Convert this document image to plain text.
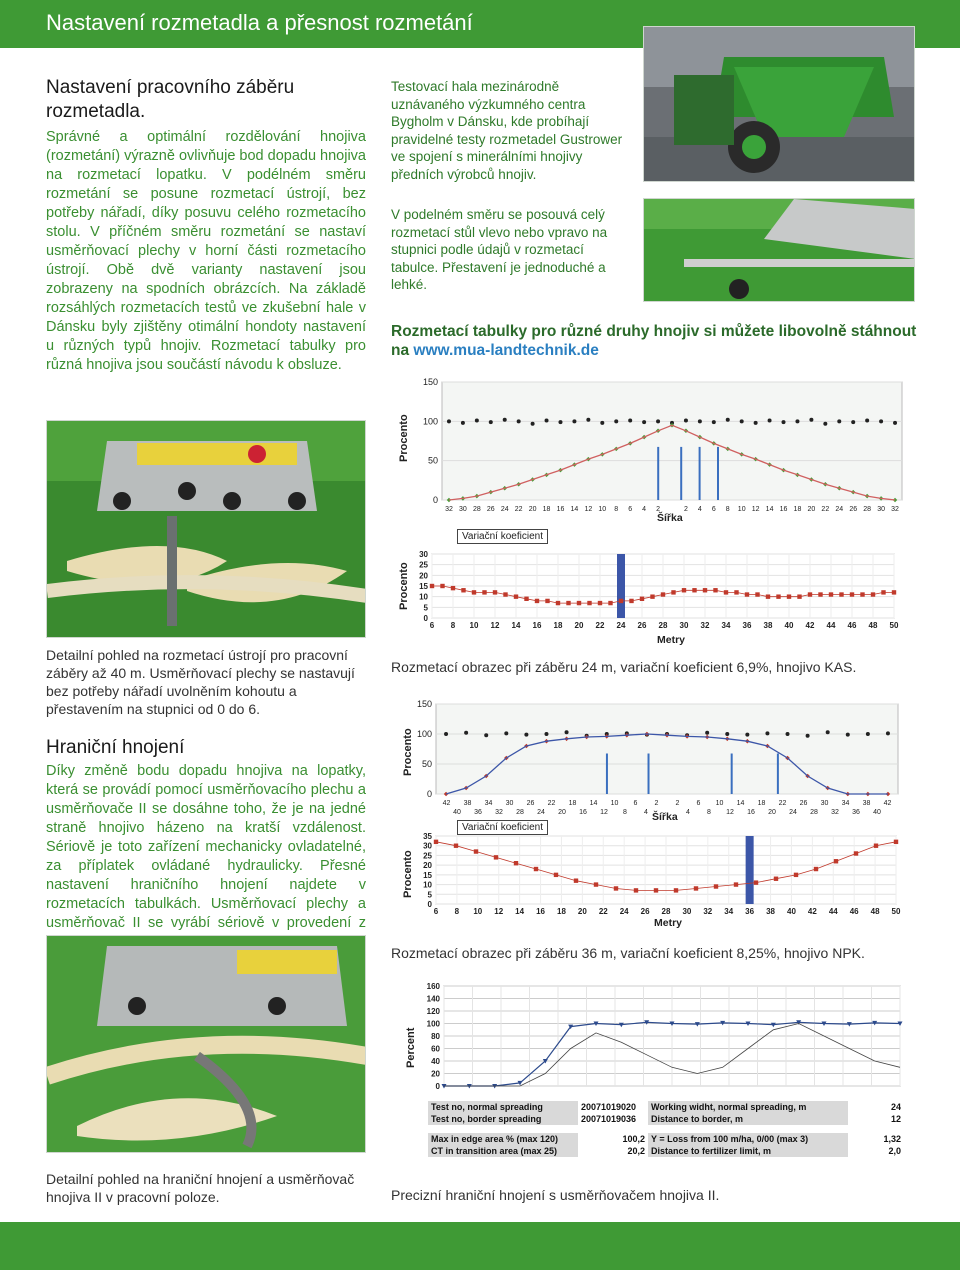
Nastavení rozmetadla a přesnost rozmetání
Nastavení pracovního záběru rozmetadla.
Správné a optimální rozdělování hnojiva (rozmetání) výrazně ovlivňuje bod dopadu hnojiva na rozmetací lopatku. V podélném směru rozmetání se posune rozmetací ústrojí, bez potřeby nářadí, díky posuvu celého rozmetacího stolu. V příčném směru rozmetání se nastaví usměrňovací plechy v horní části rozmetacího ústrojí. Obě dvě varianty nastavení jsou zobrazeny na spodních obrázcích. Na základě rozsáhlých rozmetacích testů ve zkušební hale v Dánsku byly zjištěny otimální hondoty nastavení u různých typů hnojiv. Rozmetací tabulky pro různá hnojiva jsou součástí návodu k obsluze.
Detailní pohled na rozmetací ústrojí pro pracovní záběry až 40 m. Usměrňovací plechy se nastavují bez potřeby nářadí uvolněním kohoutu a přestavením na stupnici od 0 do 6.
Hraniční hnojení
Díky změně bodu dopadu hnojiva na lopatky, která se provádí pomocí usměrňovacího plechu a usměrňovače II se dosáhne toho, že je na jedné straně hnojivo házeno na kratší vzdálenost. Sériově je toto zařízení mechanicky ovladatelné, za příplatek ovládané hydraulicky. Přesné nastavení hraničního hnojení najdete v rozmetacích tabulkách. Usměrňovací plechy a usměrňovač II se vyrábí sériově v provedení z
Detailní pohled na hraniční hnojení a usměrňovač hnojiva II v pracovní poloze.
Testovací hala mezinárodně uznávaného výzkumného centra Bygholm v Dánsku, kde probíhají pravidelné testy rozmetadel Gustrower ve spojení s minerálními hnojivy předních výrobců hnojiv.
V podelném směru se posouvá celý rozmetací stůl vlevo nebo vpravo na stupnici podle údajů v rozmetací tabulce. Přestavení je jednoduché a lehké.
Rozmetací tabulky pro různé druhy hnojiv si můžete libovolně stáhnout na www.mua-landtechnik.de
0
50
100
150
32 30 28 26 24 22 20 18 16 14 12 10 8 6 4 2	2 4 6 8 10 12 14 16 18 20 22 24 26 28 30 32
Procento
Šířka
Variační koeficient
0
5
10
15
20
25
30
6 8 10 12 14 16 18 20 22 24 26 28 30 32 34 36 38 40 42 44 46 48 50
Procento
Metry
Rozmetací obrazec při záběru 24 m, variační koeficient 6,9%, hnojivo KAS.
0
50
100
150
42 38 34 30 26 22 18 14 10 6 2 2 6 10 14 18 22 26 30 34 38 42
40 36 32 28 24 20 16 12 8 4	4 8 12 16 20 24 28 32 36 40
Procento
Šířka
Variační koeficient
0
5
10
15
20
25
30
35
6 8 10 12 14 16 18 20 22 24 26 28 30 32 34 36 38 40 42 44 46 48 50
Procento
Metry
Rozmetací obrazec při záběru 36 m, variační koeficient 8,25%, hnojivo NPK.
0
20
40
60
80
100
120
140
160
Percent
Test no, normal spreading	20071019020	Working widht, normal spreading, m	24
Test no, border spreading	20071019036	Distance to border, m	12

Max in edge area % (max 120)	100,2	Y = Loss from 100 m/ha, 0/00 (max 3)	1,32
CT in transition area (max 25)	20,2	Distance to fertilizer limit, m	2,0
Precizní hraniční hnojení s usměrňovačem hnojiva II.
